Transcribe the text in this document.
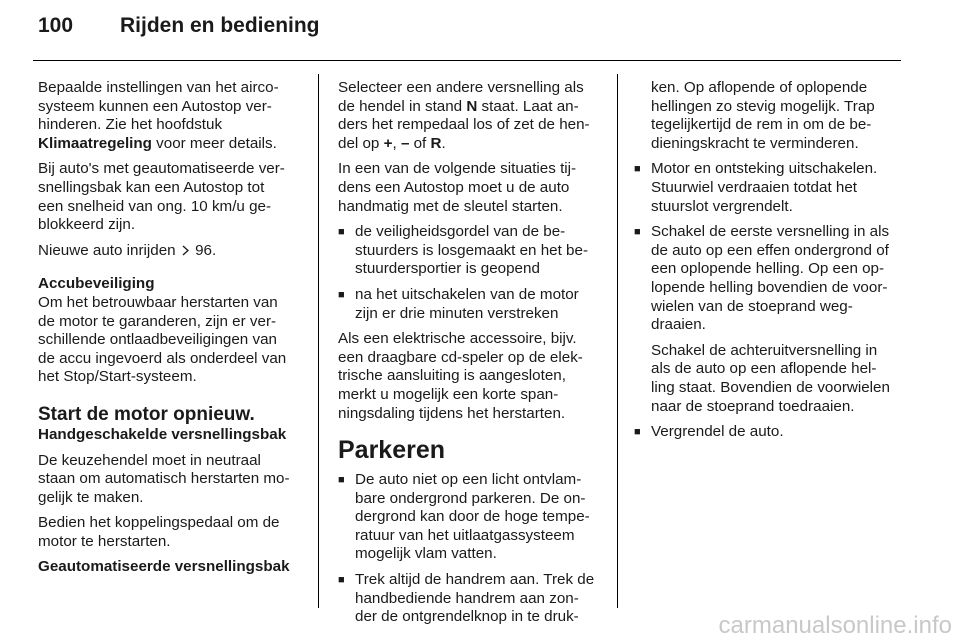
100 Rijden en bediening

Bepaalde instellingen van het airco-
systeem kunnen een Autostop ver-
hinderen. Zie het hoofdstuk
Klimaatregeling voor meer details.

Bij auto's met geautomatiseerde ver-
snellingsbak kan een Autostop tot
een snelheid van ong. 10 km/u ge-
blokkeerd zijn.

Nieuwe auto inrijden 96.

Accubeveiliging
Om het betrouwbaar herstarten van
de motor te garanderen, zijn er ver-
schillende ontlaadbeveiligingen van
de accu ingevoerd als onderdeel van
het Stop/Start-systeem.

Start de motor opnieuw.

Handgeschakelde versnellingsbak

De keuzehendel moet in neutraal
staan om automatisch herstarten mo-
gelijk te maken.

Bedien het koppelingspedaal om de
motor te herstarten.

Geautomatiseerde versnellingsbak

Selecteer een andere versnelling als
de hendel in stand N staat. Laat an-
ders het rempedaal los of zet de hen-
del op +, – of R.

In een van de volgende situaties tij-
dens een Autostop moet u de auto
handmatig met de sleutel starten.

■ de veiligheidsgordel van de be-
stuurders is losgemaakt en het be-
stuurdersportier is geopend
■ na het uitschakelen van de motor
zijn er drie minuten verstreken

Als een elektrische accessoire, bijv.
een draagbare cd-speler op de elek-
trische aansluiting is aangesloten,
merkt u mogelijk een korte span-
ningsdaling tijdens het herstarten.

Parkeren
■ De auto niet op een licht ontvlam-
bare ondergrond parkeren. De on-
dergrond kan door de hoge tempe-
ratuur van het uitlaatgassysteem
mogelijk vlam vatten.
■ Trek altijd de handrem aan. Trek de
handbediende handrem aan zon-
der de ontgrendelknop in te druk-
ken. Op aflopende of oplopende
hellingen zo stevig mogelijk. Trap
tegelijkertijd de rem in om de be-
dieningskracht te verminderen.
■ Motor en ontsteking uitschakelen.
Stuurwiel verdraaien totdat het
stuurslot vergrendelt.
■ Schakel de eerste versnelling in als
de auto op een effen ondergrond of
een oplopende helling. Op een op-
lopende helling bovendien de voor-
wielen van de stoeprand weg-
draaien.
Schakel de achteruitversnelling in
als de auto op een aflopende hel-
ling staat. Bovendien de voorwielen
naar de stoeprand toedraaien.
■ Vergrendel de auto.
carmanualsonline.info
